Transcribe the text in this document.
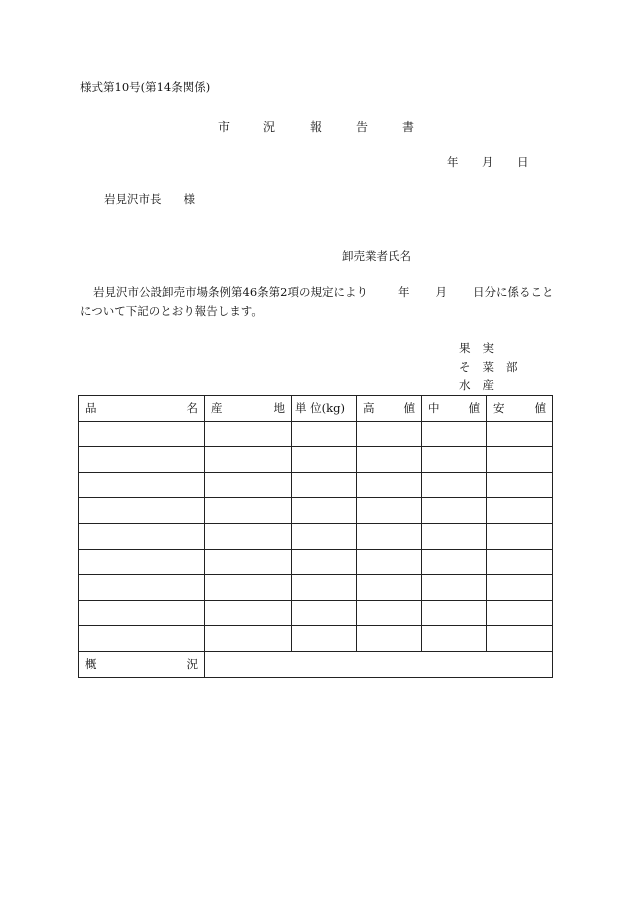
様式第10号(第14条関係)
市	況	報	告	書
年 月 日
岩見沢市長 様
卸売業者氏名
岩見沢市公設卸売市場条例第46条第2項の規定により	年 月 日分に係ること
について下記のとおり報告します。
果 実
そ 菜 部
水 産
品 名	産 地	単 位(kg)	高 値	中 値	安 値

概 況					
